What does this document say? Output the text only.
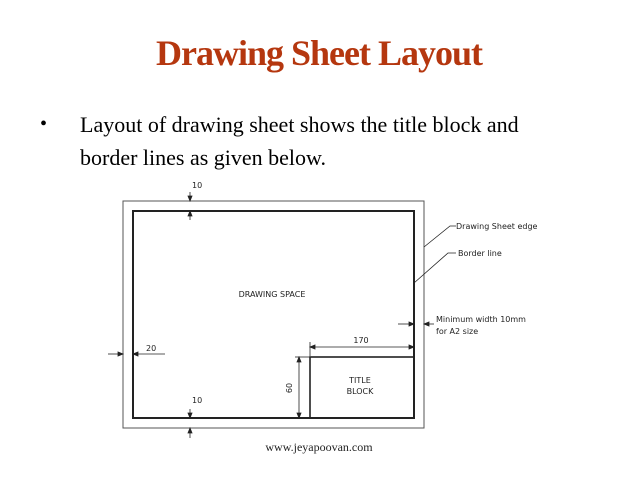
Drawing Sheet Layout
• Layout of drawing sheet shows the title block and border lines as given below.
DRAWING SPACE
TITLE
BLOCK
10
20
10
170
60
Drawing Sheet edge
Border line
Minimum width 10mm
for A2 size
www.jeyapoovan.com
